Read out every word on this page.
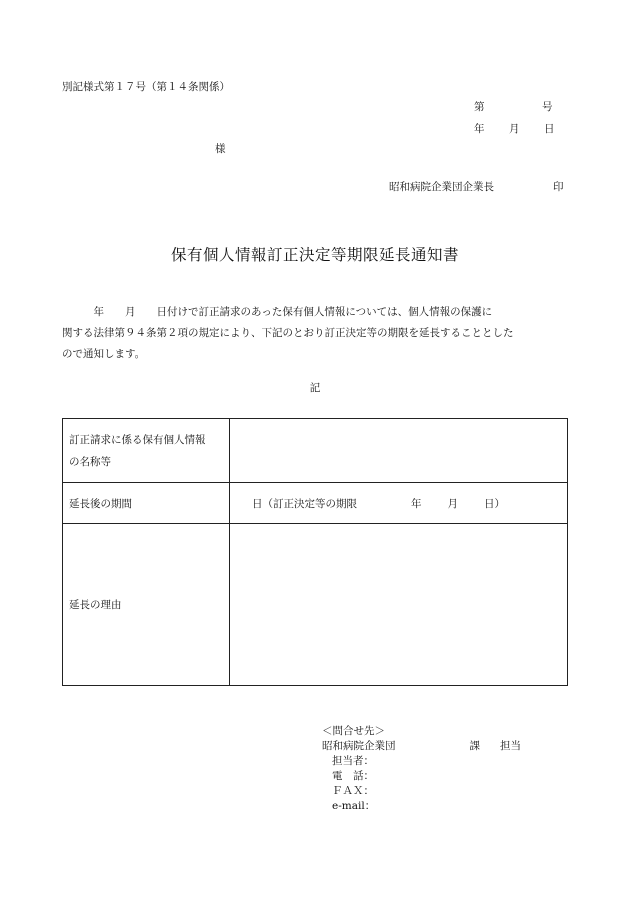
別記様式第１７号（第１４条関係）
第	号
年 月 日
様
昭和病院企業団企業長	印
保有個人情報訂正決定等期限延長通知書
　　　年　　月　　日付けで訂正請求のあった保有個人情報については、個人情報の保護に
関する法律第９４条第２項の規定により、下記のとおり訂正決定等の期限を延長することとした
ので通知します。
記
訂正請求に係る保有個人情報
の名称等	
延長後の期間	日（訂正決定等の期限 年 月 日）
延長の理由	
＜問合せ先＞
昭和病院企業団	課 担当
担当者：
電　話：
ＦＡＸ：
e-mail：
